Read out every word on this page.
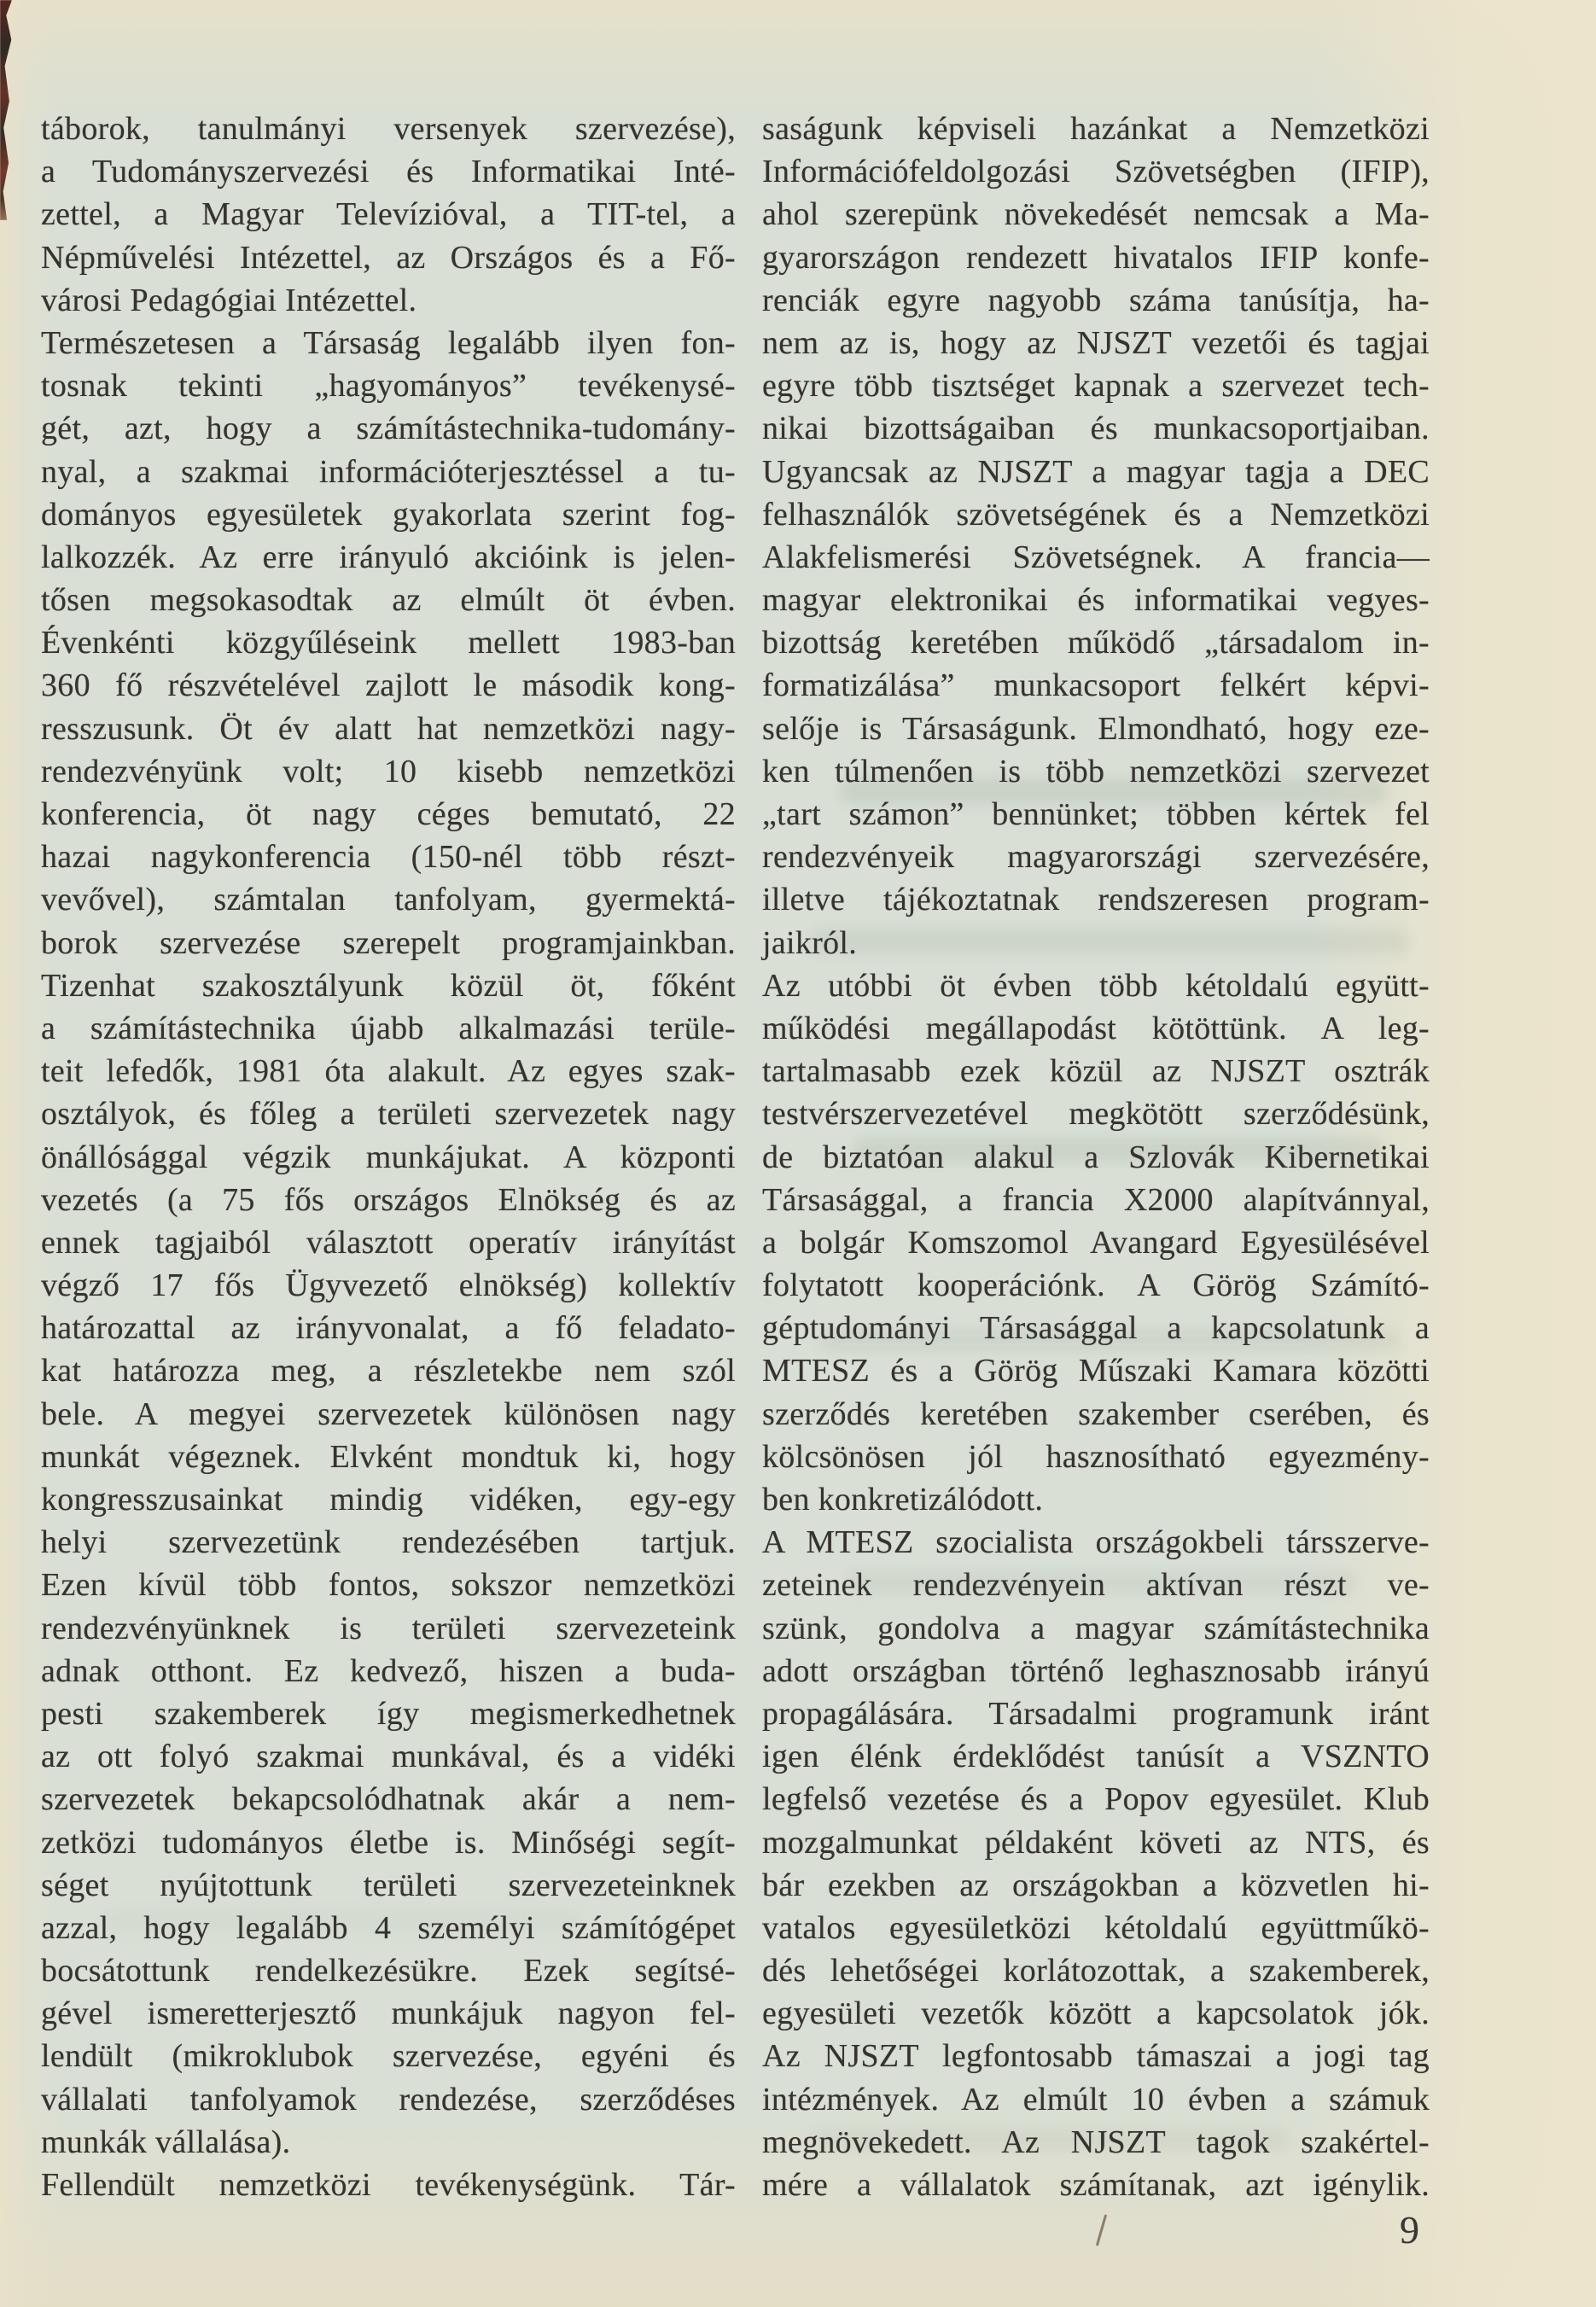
táborok, tanulmányi versenyek szervezése),
a Tudományszervezési és Informatikai Inté-
zettel, a Magyar Televízióval, a TIT-tel, a
Népművelési Intézettel, az Országos és a Fő-
városi Pedagógiai Intézettel.
Természetesen a Társaság legalább ilyen fon-
tosnak tekinti „hagyományos” tevékenysé-
gét, azt, hogy a számítástechnika-tudomány-
nyal, a szakmai információterjesztéssel a tu-
dományos egyesületek gyakorlata szerint fog-
lalkozzék. Az erre irányuló akcióink is jelen-
tősen megsokasodtak az elmúlt öt évben.
Évenkénti közgyűléseink mellett 1983-ban
360 fő részvételével zajlott le második kong-
resszusunk. Öt év alatt hat nemzetközi nagy-
rendezvényünk volt; 10 kisebb nemzetközi
konferencia, öt nagy céges bemutató, 22
hazai nagykonferencia (150-nél több részt-
vevővel), számtalan tanfolyam, gyermektá-
borok szervezése szerepelt programjainkban.
Tizenhat szakosztályunk közül öt, főként
a számítástechnika újabb alkalmazási terüle-
teit lefedők, 1981 óta alakult. Az egyes szak-
osztályok, és főleg a területi szervezetek nagy
önállósággal végzik munkájukat. A központi
vezetés (a 75 fős országos Elnökség és az
ennek tagjaiból választott operatív irányítást
végző 17 fős Ügyvezető elnökség) kollektív
határozattal az irányvonalat, a fő feladato-
kat határozza meg, a részletekbe nem szól
bele. A megyei szervezetek különösen nagy
munkát végeznek. Elvként mondtuk ki, hogy
kongresszusainkat mindig vidéken, egy-egy
helyi szervezetünk rendezésében tartjuk.
Ezen kívül több fontos, sokszor nemzetközi
rendezvényünknek is területi szervezeteink
adnak otthont. Ez kedvező, hiszen a buda-
pesti szakemberek így megismerkedhetnek
az ott folyó szakmai munkával, és a vidéki
szervezetek bekapcsolódhatnak akár a nem-
zetközi tudományos életbe is. Minőségi segít-
séget nyújtottunk területi szervezeteinknek
azzal, hogy legalább 4 személyi számítógépet
bocsátottunk rendelkezésükre. Ezek segítsé-
gével ismeretterjesztő munkájuk nagyon fel-
lendült (mikroklubok szervezése, egyéni és
vállalati tanfolyamok rendezése, szerződéses
munkák vállalása).
Fellendült nemzetközi tevékenységünk. Tár-
saságunk képviseli hazánkat a Nemzetközi
Információfeldolgozási Szövetségben (IFIP),
ahol szerepünk növekedését nemcsak a Ma-
gyarországon rendezett hivatalos IFIP konfe-
renciák egyre nagyobb száma tanúsítja, ha-
nem az is, hogy az NJSZT vezetői és tagjai
egyre több tisztséget kapnak a szervezet tech-
nikai bizottságaiban és munkacsoportjaiban.
Ugyancsak az NJSZT a magyar tagja a DEC
felhasználók szövetségének és a Nemzetközi
Alakfelismerési Szövetségnek. A francia—
magyar elektronikai és informatikai vegyes-
bizottság keretében működő „társadalom in-
formatizálása” munkacsoport felkért képvi-
selője is Társaságunk. Elmondható, hogy eze-
ken túlmenően is több nemzetközi szervezet
„tart számon” bennünket; többen kértek fel
rendezvényeik magyarországi szervezésére,
illetve tájékoztatnak rendszeresen program-
jaikról.
Az utóbbi öt évben több kétoldalú együtt-
működési megállapodást kötöttünk. A leg-
tartalmasabb ezek közül az NJSZT osztrák
testvérszervezetével megkötött szerződésünk,
de biztatóan alakul a Szlovák Kibernetikai
Társasággal, a francia X2000 alapítvánnyal,
a bolgár Komszomol Avangard Egyesülésével
folytatott kooperációnk. A Görög Számító-
géptudományi Társasággal a kapcsolatunk a
MTESZ és a Görög Műszaki Kamara közötti
szerződés keretében szakember cserében, és
kölcsönösen jól hasznosítható egyezmény-
ben konkretizálódott.
A MTESZ szocialista országokbeli társszerve-
zeteinek rendezvényein aktívan részt ve-
szünk, gondolva a magyar számítástechnika
adott országban történő leghasznosabb irányú
propagálására. Társadalmi programunk iránt
igen élénk érdeklődést tanúsít a VSZNTO
legfelső vezetése és a Popov egyesület. Klub
mozgalmunkat példaként követi az NTS, és
bár ezekben az országokban a közvetlen hi-
vatalos egyesületközi kétoldalú együttműkö-
dés lehetőségei korlátozottak, a szakemberek,
egyesületi vezetők között a kapcsolatok jók.
Az NJSZT legfontosabb támaszai a jogi tag
intézmények. Az elmúlt 10 évben a számuk
megnövekedett. Az NJSZT tagok szakértel-
mére a vállalatok számítanak, azt igénylik.
9
